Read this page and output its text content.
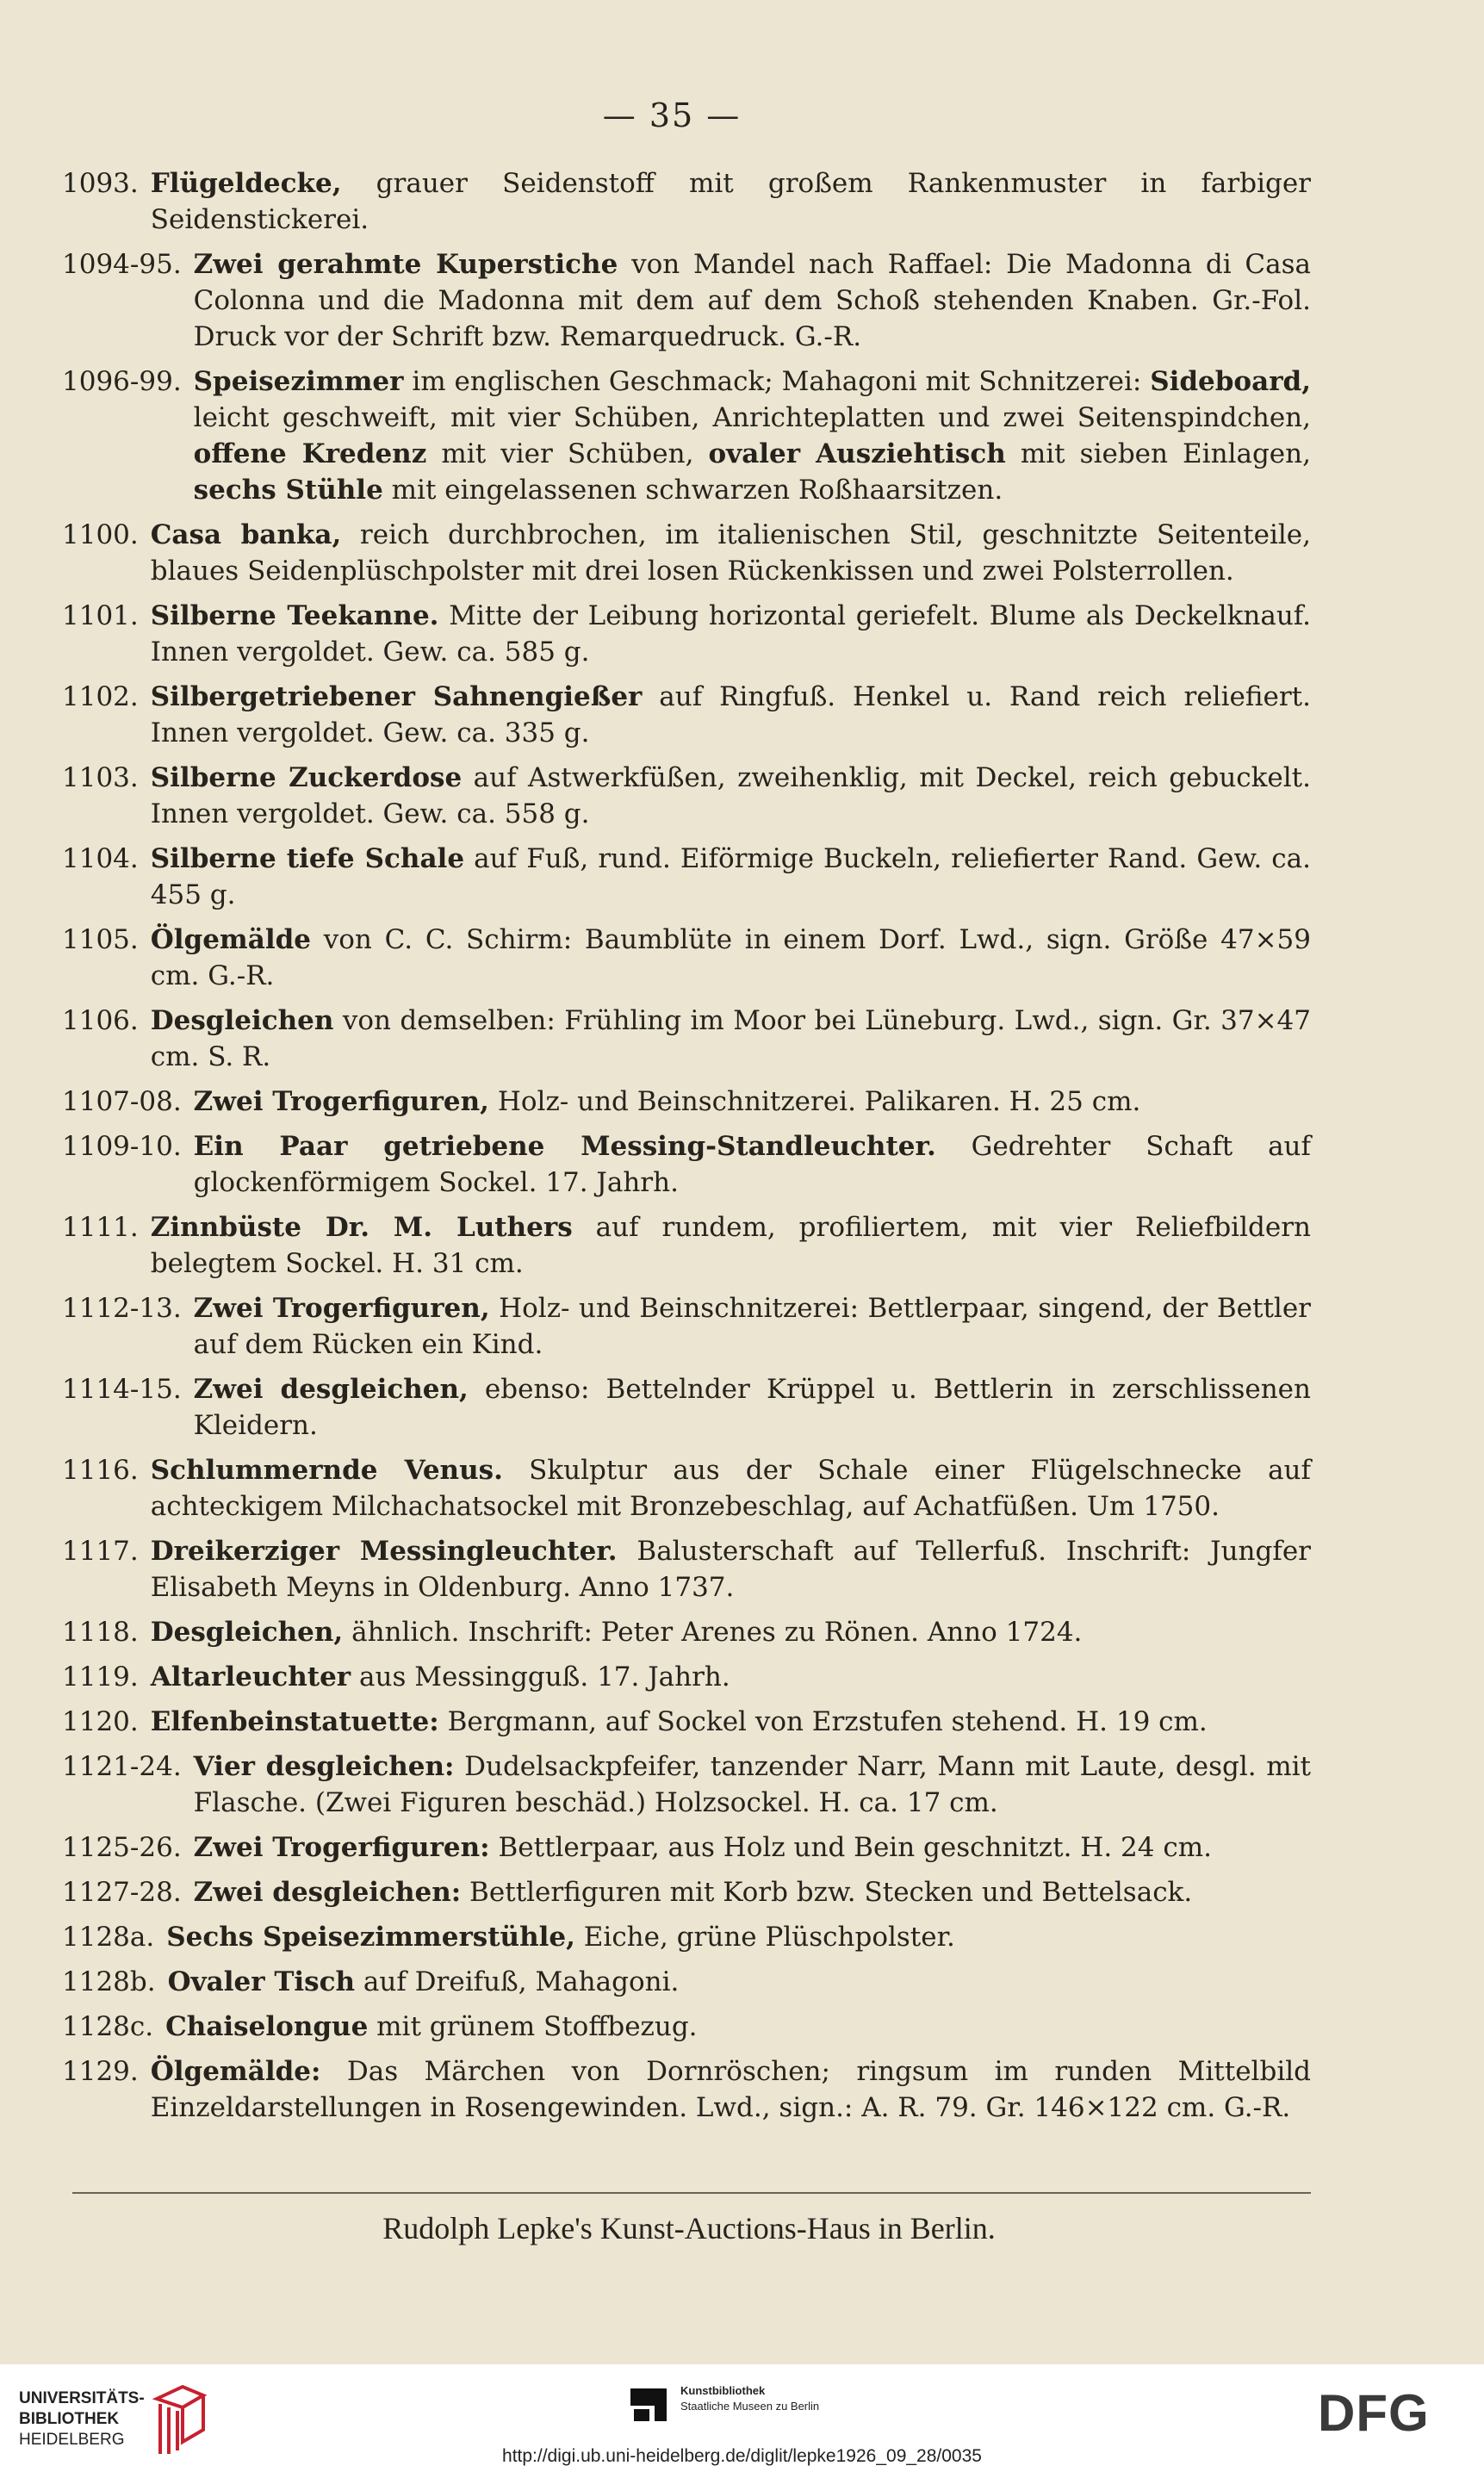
— 35 —
1093. Flügeldecke, grauer Seidenstoff mit großem Rankenmuster in farbiger Seidenstickerei.
1094-95. Zwei gerahmte Kuperstiche von Mandel nach Raffael: Die Madonna di Casa Colonna und die Madonna mit dem auf dem Schoß stehenden Knaben. Gr.-Fol. Druck vor der Schrift bzw. Remarquedruck. G.-R.
1096-99. Speisezimmer im englischen Geschmack; Mahagoni mit Schnitzerei: Sideboard, leicht geschweift, mit vier Schüben, Anrichteplatten und zwei Seitenspindchen, offene Kredenz mit vier Schüben, ovaler Ausziehtisch mit sieben Einlagen, sechs Stühle mit eingelassenen schwarzen Roßhaarsitzen.
1100. Casa banka, reich durchbrochen, im italienischen Stil, geschnitzte Seitenteile, blaues Seidenplüschpolster mit drei losen Rückenkissen und zwei Polsterrollen.
1101. Silberne Teekanne. Mitte der Leibung horizontal geriefelt. Blume als Deckelknauf. Innen vergoldet. Gew. ca. 585 g.
1102. Silbergetriebener Sahnengießer auf Ringfuß. Henkel u. Rand reich reliefiert. Innen vergoldet. Gew. ca. 335 g.
1103. Silberne Zuckerdose auf Astwerkfüßen, zweihenklig, mit Deckel, reich gebuckelt. Innen vergoldet. Gew. ca. 558 g.
1104. Silberne tiefe Schale auf Fuß, rund. Eiförmige Buckeln, reliefierter Rand. Gew. ca. 455 g.
1105. Ölgemälde von C. C. Schirm: Baumblüte in einem Dorf. Lwd., sign. Größe 47×59 cm. G.-R.
1106. Desgleichen von demselben: Frühling im Moor bei Lüneburg. Lwd., sign. Gr. 37×47 cm. S. R.
1107-08. Zwei Trogerfiguren, Holz- und Beinschnitzerei. Palikaren. H. 25 cm.
1109-10. Ein Paar getriebene Messing-Standleuchter. Gedrehter Schaft auf glockenförmigem Sockel. 17. Jahrh.
1111. Zinnbüste Dr. M. Luthers auf rundem, profiliertem, mit vier Reliefbildern belegtem Sockel. H. 31 cm.
1112-13. Zwei Trogerfiguren, Holz- und Beinschnitzerei: Bettlerpaar, singend, der Bettler auf dem Rücken ein Kind.
1114-15. Zwei desgleichen, ebenso: Bettelnder Krüppel u. Bettlerin in zerschlissenen Kleidern.
1116. Schlummernde Venus. Skulptur aus der Schale einer Flügelschnecke auf achteckigem Milchachatsockel mit Bronzebeschlag, auf Achatfüßen. Um 1750.
1117. Dreikerziger Messingleuchter. Balusterschaft auf Tellerfuß. Inschrift: Jungfer Elisabeth Meyns in Oldenburg. Anno 1737.
1118. Desgleichen, ähnlich. Inschrift: Peter Arenes zu Rönen. Anno 1724.
1119. Altarleuchter aus Messingguß. 17. Jahrh.
1120. Elfenbeinstatuette: Bergmann, auf Sockel von Erzstufen stehend. H. 19 cm.
1121-24. Vier desgleichen: Dudelsackpfeifer, tanzender Narr, Mann mit Laute, desgl. mit Flasche. (Zwei Figuren beschäd.) Holzsockel. H. ca. 17 cm.
1125-26. Zwei Trogerfiguren: Bettlerpaar, aus Holz und Bein geschnitzt. H. 24 cm.
1127-28. Zwei desgleichen: Bettlerfiguren mit Korb bzw. Stecken und Bettelsack.
1128a. Sechs Speisezimmerstühle, Eiche, grüne Plüschpolster.
1128b. Ovaler Tisch auf Dreifuß, Mahagoni.
1128c. Chaiselongue mit grünem Stoffbezug.
1129. Ölgemälde: Das Märchen von Dornröschen; ringsum im runden Mittelbild Einzeldarstellungen in Rosengewinden. Lwd., sign.: A. R. 79. Gr. 146×122 cm. G.-R.
Rudolph Lepke's Kunst-Auctions-Haus in Berlin.
UNIVERSITÄTS-
BIBLIOTHEK
HEIDELBERG
Kunstbibliothek
Staatliche Museen zu Berlin	DFG
http://digi.ub.uni-heidelberg.de/diglit/lepke1926_09_28/0035
